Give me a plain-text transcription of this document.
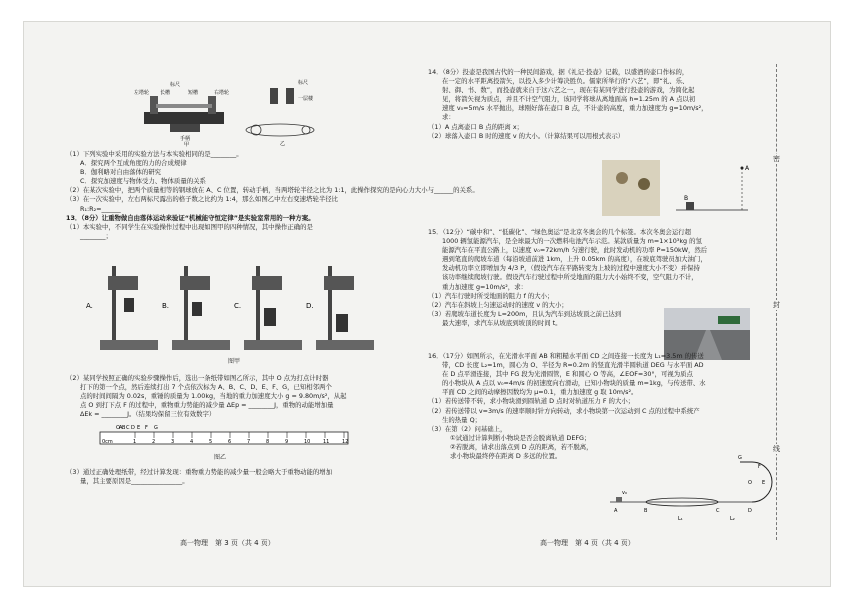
左塔轮
标尺
长槽	短槽	右塔轮
手柄
甲
标尺
一层楼
乙
（1）下列实验中采用的实验方法与本实验相同的是________。
A．探究两个互成角度的力的合成规律
B．伽利略对自由落体的研究
C．探究加速度与物体受力、物体质量的关系
（2）在某次实验中，把两个质量相等的钢球放在 A、C 位置，转动手柄，当两塔轮半径之比为 1:1，此操作探究的是向心力大小与______的关系。
（3）在一次实验中，左右两标尺露出的格子数之比约为 1:4，那么如图乙中左右变速塔轮半径比
R₁:R₂=______
13．（8分）让重物做自由落体运动来验证“机械能守恒定律”是实验室常用的一种方案。
（1）本实验中，不同学生在实验操作过程中出现如图甲的四种情况，其中操作正确的是
________；
A.	B.	C.	D.
图甲
（2）某同学按照正确的实验步骤操作后，选出一条纸带如图乙所示，其中 O 点为打点计时器
打下的第一个点，然后连续打出 7 个点依次标为 A、B、C、D、E、F、G，已知相邻两个
点的时间间隔为 0.02s，重锤的质量为 1.00kg，当地的重力加速度大小 g = 9.80m/s²，从起
点 O 到打下点 F 的过程中，重物重力势能的减少量 ΔEp = ________J，重物的动能增加量
ΔEk = ________J。（结果均保留三位有效数字）
0cm	1	2	3	4	5	6	7	8	9	10	11	12
O A B C D E F G
图乙
（3）通过正确处理纸带，经过计算发现：重物重力势能的减少量一般会略大于重物动能的增加
量，其主要原因是________________。
高一物理　第 3 页（共 4 页）
14．（8分）投壶是我国古代的一种民间游戏，据《礼记·投壶》记载，以盛酒的壶口作标的，
在一定的水平距离投箭矢，以投入多少计筹决胜负。儒家所举行的“六艺”，即“礼、乐、
射、御、书、数”，而投壶就来自于这六艺之一，现在有某同学进行投壶的游戏，为简化起
见，将箭矢视为质点，并且不计空气阻力，该同学将球从离地面高 h=1.25m 的 A 点以初
速度 v₀=5m/s 水平抛出，球刚好落在壶口 B 点，不计壶的高度，重力加速度为 g=10m/s²，
求：
（1）A 点离壶口 B 点的距离 x；
（2）球落入壶口 B 时的速度 v 的大小。（计算结果可以用根式表示）
A
B
15．（12分）“碳中和”、“低碳化”、“绿色奥运”是北京冬奥会的几个标签。本次冬奥会运行超
1000 辆氢能源汽车，是全球最大的一次燃料电池汽车示范。某款质量为 m=1×10³kg 的氢
能源汽车在平直公路上，以速度 v₀=72km/h 匀速行驶，此时发动机的功率 P=150kW，然后
遇到笔直的爬坡车道（每沿坡道前进 1km，上升 0.05km 的高度），在坡底驾驶员加大油门，
发动机功率立即增加为 4/3 P，（假设汽车在平路转变为上坡的过程中速度大小不变）并保持
该功率继续爬坡行驶。假设汽车行驶过程中所受地面的阻力大小始终不变，空气阻力不计，
重力加速度 g=10m/s²，求：
（1）汽车行驶时所受地面的阻力 f 的大小；
（2）汽车在斜坡上匀速运动时的速度 v 的大小；
（3）若爬坡车道长度为 L=200m，且认为汽车到达坡顶之前已达到
最大速率，求汽车从坡底到坡顶的时间 t。
16．（17分）如图所示，在光滑水平面 AB 和粗糙水平面 CD 之间连接一长度为 L₁=3.5m 的传送
带，CD 长度 L₂=1m，圆心为 O、半径为 R=0.2m 的竖直光滑半圆轨道 DEG 与水平面 AD
在 D 点平滑连接，其中 FG 段为光滑圆管，E 和圆心 O 等高，∠EOF=30°，可视为质点
的小物块从 A 点以 v₀=4m/s 的初速度向右滑动，已知小物块的质量 m=1kg，与传送带、水
平面 CD 之间的动摩擦因数均为 μ=0.1，重力加速度 g 取 10m/s²。
（1）若传送带不转，求小物块滑到圆轨道 D 点时对轨道压力 F 的大小；
（2）若传送带以 v=3m/s 的速率顺时针方向转动，求小物块第一次运动到 C 点的过程中系统产
生的热量 Q；
（3）在第（2）问基础上，
①试通过计算判断小物块是否会脱离轨道 DEFG；
②若脱离，请求出落点到 D 点的距离，若不脱离，
求小物块最终停在距离 D 多远的位置。
A	B	C	D
E
F
G
O
L₁	L₂
v₀
高一物理　第 4 页（共 4 页）
密
封
线
